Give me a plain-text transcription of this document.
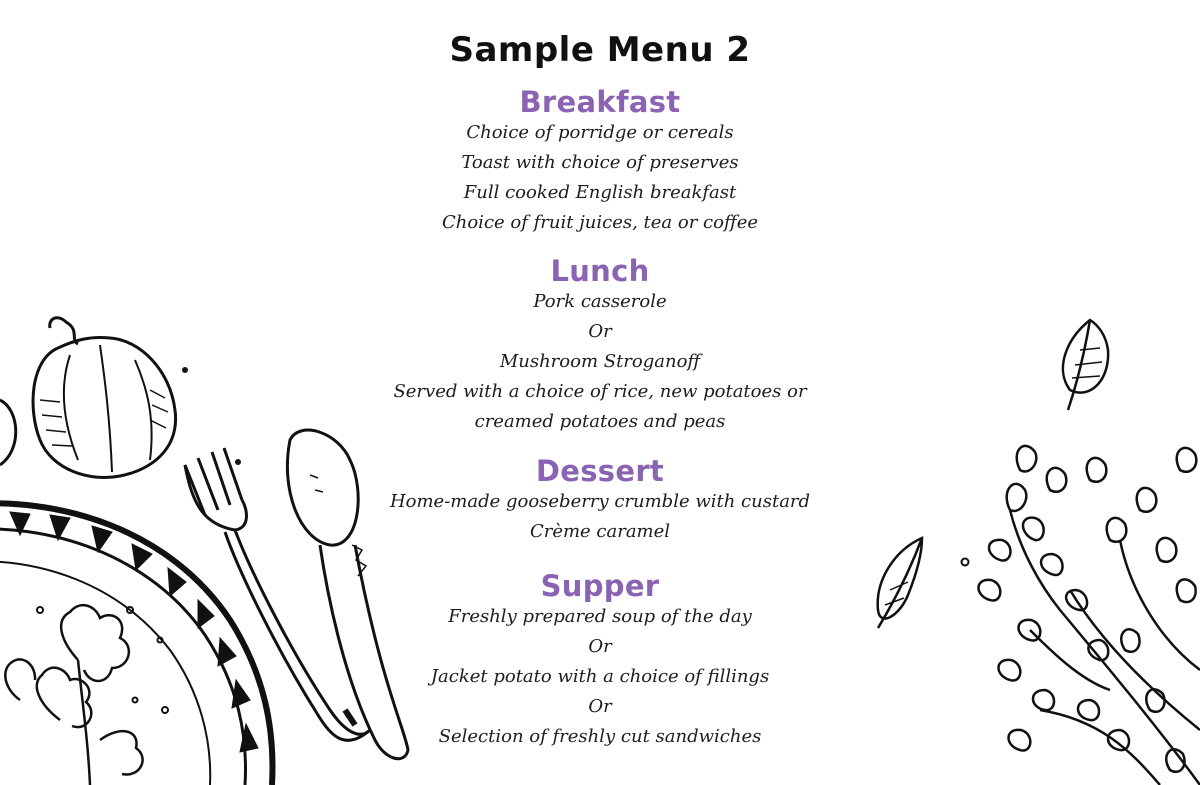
Sample Menu 2
Breakfast
Choice of porridge or cereals
Toast with choice of preserves
Full cooked English breakfast
Choice of fruit juices, tea or coffee
Lunch
Pork casserole
Or
Mushroom Stroganoff
Served with a choice of rice, new potatoes or
creamed potatoes and peas
Dessert
Home-made gooseberry crumble with custard
Crème caramel
Supper
Freshly prepared soup of the day
Or
Jacket potato with a choice of fillings
Or
Selection of freshly cut sandwiches
